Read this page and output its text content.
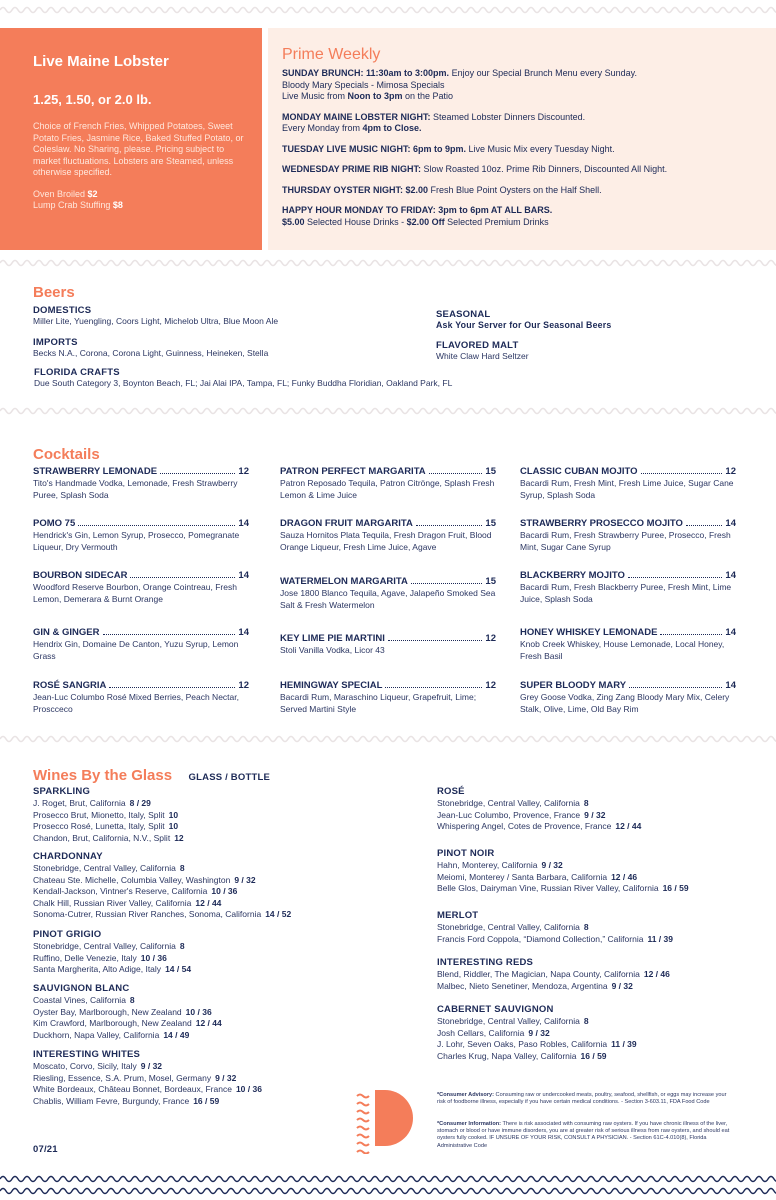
Live Maine Lobster
1.25, 1.50, or 2.0 lb.
Choice of French Fries, Whipped Potatoes, Sweet Potato Fries, Jasmine Rice, Baked Stuffed Potato, or Coleslaw. No Sharing, please. Pricing subject to market fluctuations. Lobsters are Steamed, unless otherwise specified.
Oven Broiled $2
Lump Crab Stuffing $8
Prime Weekly
SUNDAY BRUNCH: 11:30am to 3:00pm. Enjoy our Special Brunch Menu every Sunday.
Bloody Mary Specials - Mimosa Specials
Live Music from Noon to 3pm on the Patio
MONDAY MAINE LOBSTER NIGHT: Steamed Lobster Dinners Discounted.
Every Monday from 4pm to Close.
TUESDAY LIVE MUSIC NIGHT: 6pm to 9pm. Live Music Mix every Tuesday Night.
WEDNESDAY PRIME RIB NIGHT: Slow Roasted 10oz. Prime Rib Dinners, Discounted All Night.
THURSDAY OYSTER NIGHT: $2.00 Fresh Blue Point Oysters on the Half Shell.
HAPPY HOUR MONDAY TO FRIDAY: 3pm to 6pm AT ALL BARS.
$5.00 Selected House Drinks - $2.00 Off Selected Premium Drinks
Beers
DOMESTICS
Miller Lite, Yuengling, Coors Light, Michelob Ultra, Blue Moon Ale
IMPORTS
Becks N.A., Corona, Corona Light, Guinness, Heineken, Stella
FLORIDA CRAFTS
Due South Category 3, Boynton Beach, FL; Jai Alai IPA, Tampa, FL; Funky Buddha Floridian, Oakland Park, FL
SEASONAL
Ask Your Server for Our Seasonal Beers
FLAVORED MALT
White Claw Hard Seltzer
Cocktails
STRAWBERRY LEMONADE	12
Tito's Handmade Vodka, Lemonade, Fresh Strawberry Puree, Splash Soda
POMO 75	14
Hendrick's Gin, Lemon Syrup, Prosecco, Pomegranate Liqueur, Dry Vermouth
BOURBON SIDECAR	14
Woodford Reserve Bourbon, Orange Cointreau, Fresh Lemon, Demerara & Burnt Orange
GIN & GINGER	14
Hendrix Gin, Domaine De Canton, Yuzu Syrup, Lemon Grass
ROSÉ SANGRIA	12
Jean-Luc Columbo Rosé Mixed Berries, Peach Nectar, Proscceco
PATRON PERFECT MARGARITA	15
Patron Reposado Tequila, Patron Citrönge, Splash Fresh Lemon & Lime Juice
DRAGON FRUIT MARGARITA	15
Sauza Hornitos Plata Tequila, Fresh Dragon Fruit, Blood Orange Liqueur, Fresh Lime Juice, Agave
WATERMELON MARGARITA	15
Jose 1800 Blanco Tequila, Agave, Jalapeño Smoked Sea Salt & Fresh Watermelon
KEY LIME PIE MARTINI	12
Stoli Vanilla Vodka, Licor 43
HEMINGWAY SPECIAL	12
Bacardi Rum, Maraschino Liqueur, Grapefruit, Lime; Served Martini Style
CLASSIC CUBAN MOJITO	12
Bacardi Rum, Fresh Mint, Fresh Lime Juice, Sugar Cane Syrup, Splash Soda
STRAWBERRY PROSECCO MOJITO	14
Bacardi Rum, Fresh Strawberry Puree, Prosecco, Fresh Mint, Sugar Cane Syrup
BLACKBERRY MOJITO	14
Bacardi Rum, Fresh Blackberry Puree, Fresh Mint, Lime Juice, Splash Soda
HONEY WHISKEY LEMONADE	14
Knob Creek Whiskey, House Lemonade, Local Honey, Fresh Basil
SUPER BLOODY MARY	14
Grey Goose Vodka, Zing Zang Bloody Mary Mix, Celery Stalk, Olive, Lime, Old Bay Rim
Wines By the Glass GLASS / BOTTLE
SPARKLING
J. Roget, Brut, California 8 / 29
Prosecco Brut, Mionetto, Italy, Split 10
Prosecco Rosé, Lunetta, Italy, Split 10
Chandon, Brut, California, N.V., Split 12
CHARDONNAY
Stonebridge, Central Valley, California 8
Chateau Ste. Michelle, Columbia Valley, Washington 9 / 32
Kendall-Jackson, Vintner's Reserve, California 10 / 36
Chalk Hill, Russian River Valley, California 12 / 44
Sonoma-Cutrer, Russian River Ranches, Sonoma, California 14 / 52
PINOT GRIGIO
Stonebridge, Central Valley, California 8
Ruffino, Delle Venezie, Italy 10 / 36
Santa Margherita, Alto Adige, Italy 14 / 54
SAUVIGNON BLANC
Coastal Vines, California 8
Oyster Bay, Marlborough, New Zealand 10 / 36
Kim Crawford, Marlborough, New Zealand 12 / 44
Duckhorn, Napa Valley, California 14 / 49
INTERESTING WHITES
Moscato, Corvo, Sicily, Italy 9 / 32
Riesling, Essence, S.A. Prum, Mosel, Germany 9 / 32
White Bordeaux, Château Bonnet, Bordeaux, France 10 / 36
Chablis, William Fevre, Burgundy, France 16 / 59
ROSÉ
Stonebridge, Central Valley, California 8
Jean-Luc Columbo, Provence, France 9 / 32
Whispering Angel, Cotes de Provence, France 12 / 44
PINOT NOIR
Hahn, Monterey, California 9 / 32
Meiomi, Monterey / Santa Barbara, California 12 / 46
Belle Glos, Dairyman Vine, Russian River Valley, California 16 / 59
MERLOT
Stonebridge, Central Valley, California 8
Francis Ford Coppola, “Diamond Collection,” California 11 / 39
INTERESTING REDS
Blend, Riddler, The Magician, Napa County, California 12 / 46
Malbec, Nieto Senetiner, Mendoza, Argentina 9 / 32
CABERNET SAUVIGNON
Stonebridge, Central Valley, California 8
Josh Cellars, California 9 / 32
J. Lohr, Seven Oaks, Paso Robles, California 11 / 39
Charles Krug, Napa Valley, California 16 / 59
07/21
*Consumer Advisory: Consuming raw or undercooked meats, poultry, seafood, shellfish, or eggs may increase your risk of foodborne illness, especially if you have certain medical conditions. - Section 3-603.11, FDA Food Code
*Consumer Information: There is risk associated with consuming raw oysters. If you have chronic illness of the liver, stomach or blood or have immune disorders, you are at greater risk of serious illness from raw oysters, and should eat oysters fully cooked. IF UNSURE OF YOUR RISK, CONSULT A PHYSICIAN. - Section 61C-4.010(8), Florida Administrative Code
